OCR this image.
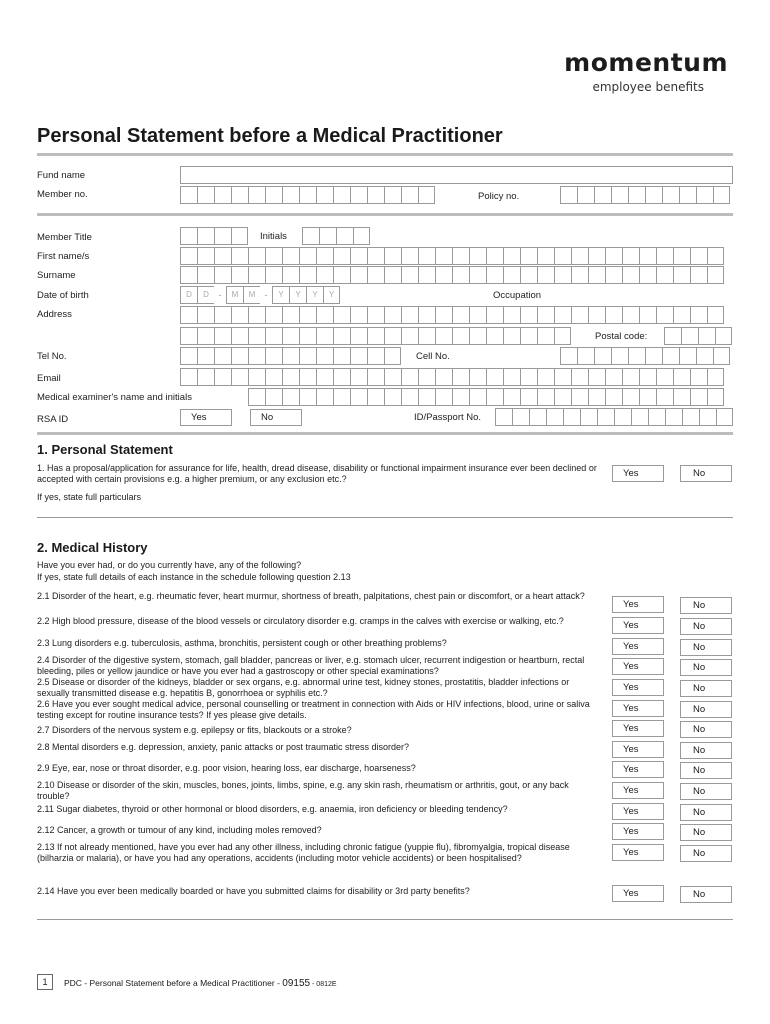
momentum
employee benefits
Personal Statement before a Medical Practitioner
Fund name
Member no.	Policy no.
Member Title	Initials
First name/s
Surname
Date of birth	D	D	-	M	M	-	Y	Y	Y	Y	Occupation
Address
Postal code:
Tel No.	Cell No.
Email
Medical examiner's name and initials
RSA ID	Yes	No	ID/Passport No.
1. Personal Statement
1. Has a proposal/application for assurance for life, health, dread disease, disability or functional impairment insurance ever been declined or accepted with certain provisions e.g. a higher premium, or any exclusion etc.?	Yes	No
If yes, state full particulars
2. Medical History
Have you ever had, or do you currently have, any of the following?
If yes, state full details of each instance in the schedule following question 2.13
2.1 Disorder of the heart, e.g. rheumatic fever, heart murmur, shortness of breath, palpitations, chest pain or discomfort, or a heart attack?
Yes	No
2.2 High blood pressure, disease of the blood vessels or circulatory disorder e.g. cramps in the calves with exercise or walking, etc.?	Yes	No
2.3 Lung disorders e.g. tuberculosis, asthma, bronchitis, persistent cough or other breathing problems?	Yes	No
2.4 Disorder of the digestive system, stomach, gall bladder, pancreas or liver, e.g. stomach ulcer, recurrent indigestion or heartburn, rectal bleeding, piles or yellow jaundice or have you ever had a gastroscopy or other special examinations?	Yes	No
2.5 Disease or disorder of the kidneys, bladder or sex organs, e.g. abnormal urine test, kidney stones, prostatitis, bladder infections or sexually transmitted disease e.g. hepatitis B, gonorrhoea or syphilis etc.?	Yes	No
2.6 Have you ever sought medical advice, personal counselling or treatment in connection with Aids or HIV infections, blood, urine or saliva testing except for routine insurance tests? If yes please give details.
Yes	No
2.7 Disorders of the nervous system e.g. epilepsy or fits, blackouts or a stroke?	Yes	No
2.8 Mental disorders e.g. depression, anxiety, panic attacks or post traumatic stress disorder?	Yes	No
2.9 Eye, ear, nose or throat disorder, e.g. poor vision, hearing loss, ear discharge, hoarseness?	Yes	No
2.10 Disease or disorder of the skin, muscles, bones, joints, limbs, spine, e.g. any skin rash, rheumatism or arthritis, gout, or any back trouble?	Yes	No
2.11 Sugar diabetes, thyroid or other hormonal or blood disorders, e.g. anaemia, iron deficiency or bleeding tendency?	Yes	No
2.12 Cancer, a growth or tumour of any kind, including moles removed?	Yes	No
2.13 If not already mentioned, have you ever had any other illness, including chronic fatigue (yuppie flu), fibromyalgia, tropical disease (bilharzia or malaria), or have you had any operations, accidents (including motor vehicle accidents) or been hospitalised?	Yes	No
2.14 Have you ever been medically boarded or have you submitted claims for disability or 3rd party benefits?	Yes	No
1	PDC - Personal Statement before a Medical Practitioner - 09155 - 0812E
